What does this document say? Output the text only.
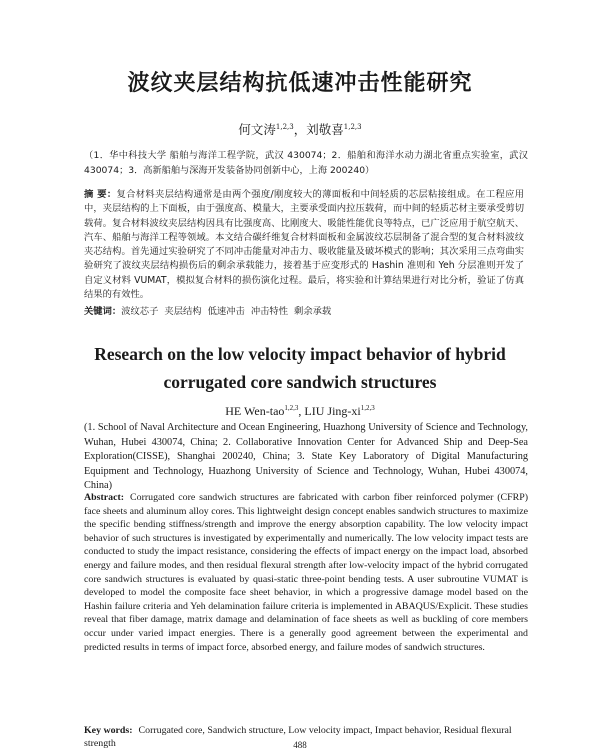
波纹夹层结构抗低速冲击性能研究
何文涛$^{1,2,3}$，刘敬喜$^{1,2,3}$
（1．华中科技大学 船舶与海洋工程学院，武汉 430074；2．船舶和海洋水动力湖北省重点实验室，武汉 430074；3．高新船舶与深海开发装备协同创新中心，上海 200240）
摘 要：复合材料夹层结构通常是由两个强度/刚度较大的薄面板和中间轻质的芯层粘接组成。在工程应用中，夹层结构的上下面板，由于强度高、模量大，主要承受面内拉压载荷，而中间的轻质芯材主要承受剪切载荷。复合材料波纹夹层结构因具有比强度高、比刚度大、吸能性能优良等特点，已广泛应用于航空航天、汽车、船舶与海洋工程等领域。本文结合碳纤维复合材料面板和金属波纹芯层制备了混合型的复合材料波纹夹芯结构。首先通过实验研究了不同冲击能量对冲击力、吸收能量及破坏模式的影响；其次采用三点弯曲实验研究了波纹夹层结构损伤后的剩余承载能力，接着基于应变形式的 Hashin 准则和 Yeh 分层准则开发了自定义材料 VUMAT，模拟复合材料的损伤演化过程。最后，将实验和计算结果进行对比分析，验证了仿真结果的有效性。
关键词：波纹芯子 夹层结构 低速冲击 冲击特性 剩余承载
Research on the low velocity impact behavior of hybrid corrugated core sandwich structures
HE Wen-tao$^{1,2,3}$, LIU Jing-xi$^{1,2,3}$
(1. School of Naval Architecture and Ocean Engineering, Huazhong University of Science and Technology, Wuhan, Hubei 430074, China; 2. Collaborative Innovation Center for Advanced Ship and Deep-Sea Exploration(CISSE), Shanghai 200240, China; 3. State Key Laboratory of Digital Manufacturing Equipment and Technology, Huazhong University of Science and Technology, Wuhan, Hubei 430074, China)
Abstract: Corrugated core sandwich structures are fabricated with carbon fiber reinforced polymer (CFRP) face sheets and aluminum alloy cores. This lightweight design concept enables sandwich structures to maximize the specific bending stiffness/strength and improve the energy absorption capability. The low velocity impact behavior of such structures is investigated by experimentally and numerically. The low velocity impact tests are conducted to study the impact resistance, considering the effects of impact energy on the impact load, absorbed energy and failure modes, and then residual flexural strength after low-velocity impact of the hybrid corrugated core sandwich structures is evaluated by quasi-static three-point bending tests. A user subroutine VUMAT is developed to model the composite face sheet behavior, in which a progressive damage model based on the Hashin failure criteria and Yeh delamination failure criteria is implemented in ABAQUS/Explicit. These studies reveal that fiber damage, matrix damage and delamination of face sheets as well as buckling of core members occur under varied impact energies. There is a generally good agreement between the experimental and predicted results in terms of impact force, absorbed energy, and failure modes of sandwich structures.
Key words: Corrugated core, Sandwich structure, Low velocity impact, Impact behavior, Residual flexural strength	488
